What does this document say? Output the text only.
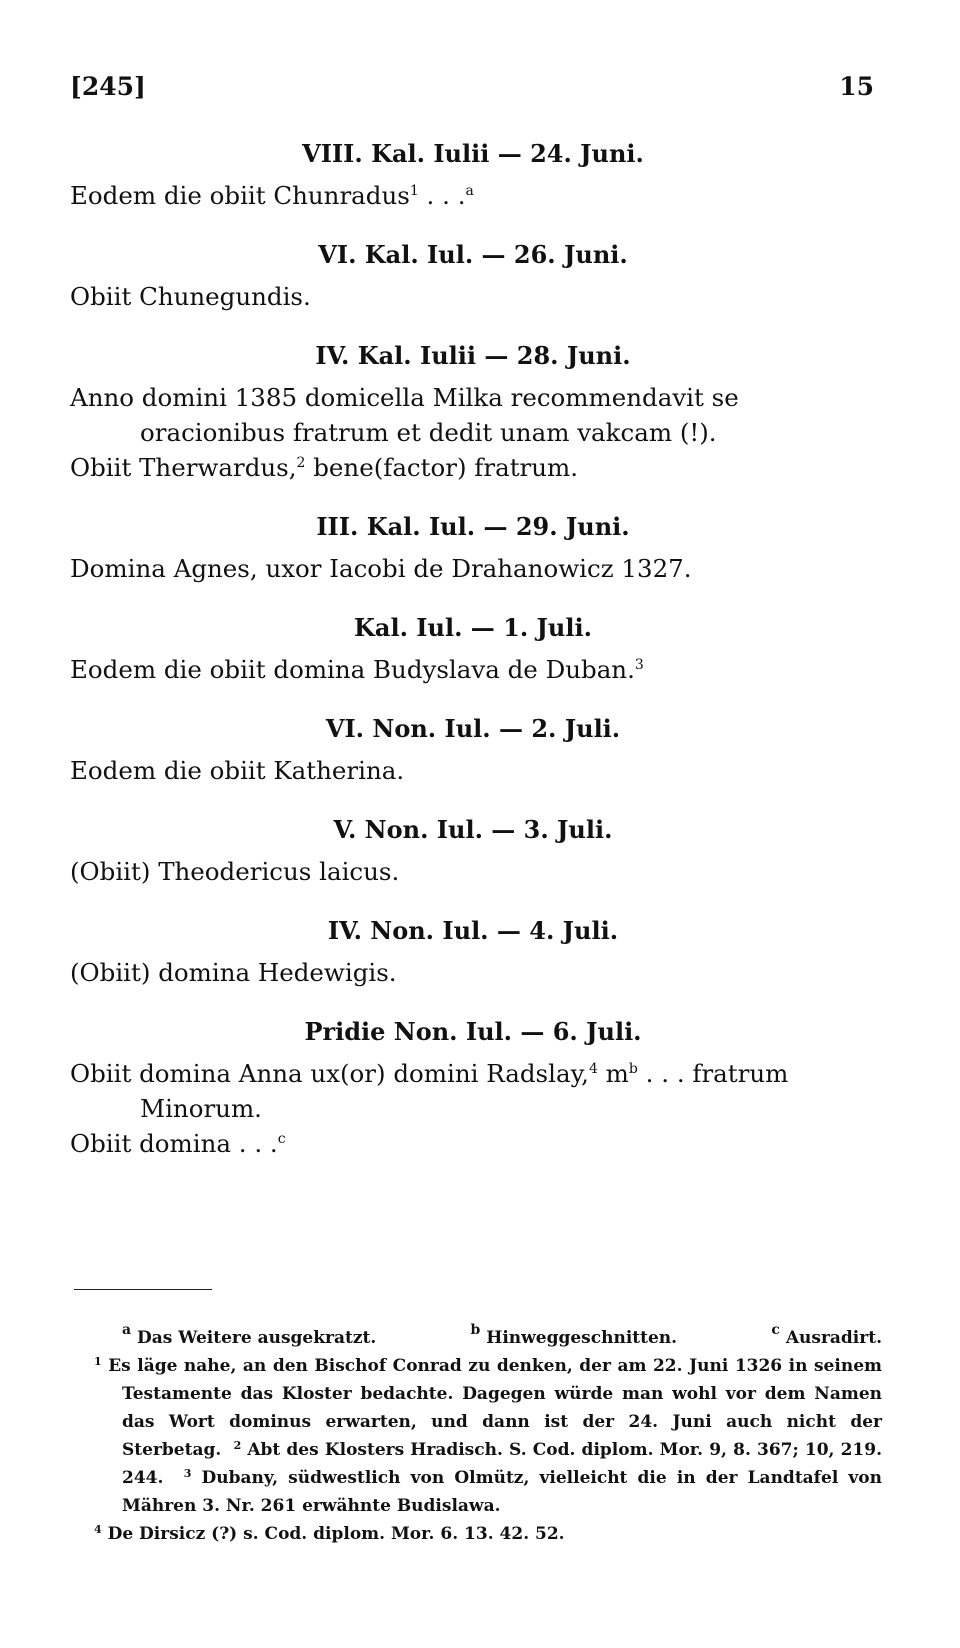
[245]	15
VIII. Kal. Iulii — 24. Juni.

Eodem die obiit Chunradus$^1$ . . .$^a$

VI. Kal. Iul. — 26. Juni.

Obiit Chunegundis.

IV. Kal. Iulii — 28. Juni.

Anno domini 1385 domicella Milka recommendavit se oracionibus fratrum et dedit unam vakcam (!).

Obiit Therwardus,$^2$ bene(factor) fratrum.

III. Kal. Iul. — 29. Juni.

Domina Agnes, uxor Iacobi de Drahanowicz 1327.

Kal. Iul. — 1. Juli.

Eodem die obiit domina Budyslava de Duban.$^3$

VI. Non. Iul. — 2. Juli.

Eodem die obiit Katherina.

V. Non. Iul. — 3. Juli.

(Obiit) Theodericus laicus.

IV. Non. Iul. — 4. Juli.

(Obiit) domina Hedewigis.

Pridie Non. Iul. — 6. Juli.

Obiit domina Anna ux(or) domini Radslay,$^4$ $m^b$ . . . fratrum Minorum.

Obiit domina . . .$^c$

$^a$ Das Weitere ausgekratzt.	$^b$ Hinweggeschnitten.	$^c$ Ausradirt.

$^1$ Es läge nahe, an den Bischof Conrad zu denken, der am 22. Juni 1326 in seinem Testamente das Kloster bedachte. Dagegen würde man wohl vor dem Namen das Wort dominus erwarten, und dann ist der 24. Juni auch nicht der Sterbetag. $^2$ Abt des Klosters Hradisch. S. Cod. diplom. Mor. 9, 8. 367; 10, 219. 244. $^3$ Dubany, südwestlich von Olmütz, vielleicht die in der Landtafel von Mähren 3. Nr. 261 erwähnte Budislawa.

$^4$ De Dirsicz (?) s. Cod. diplom. Mor. 6. 13. 42. 52.
